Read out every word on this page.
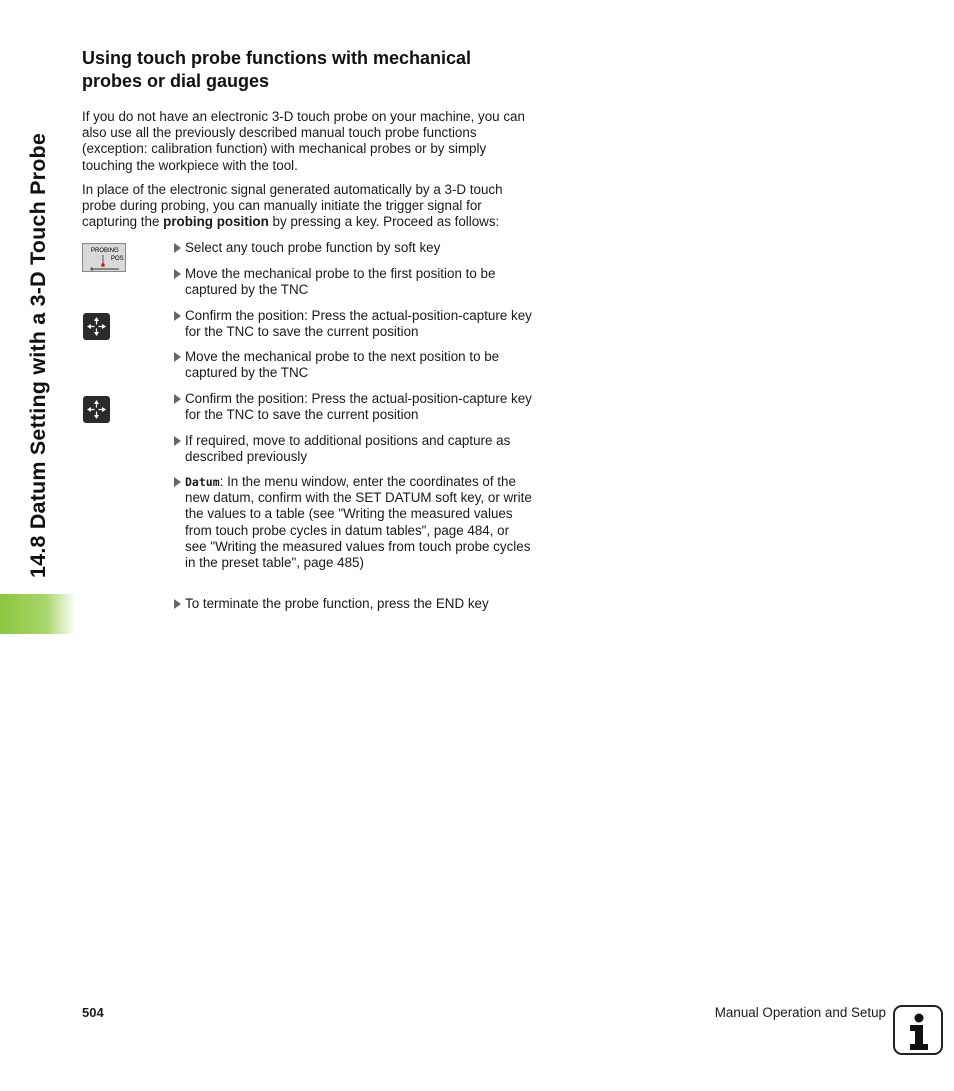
14.8 Datum Setting with a 3-D Touch Probe
Using touch probe functions with mechanical probes or dial gauges

If you do not have an electronic 3-D touch probe on your machine, you can also use all the previously described manual touch probe functions (exception: calibration function) with mechanical probes or by simply touching the workpiece with the tool.

In place of the electronic signal generated automatically by a 3-D touch probe during probing, you can manually initiate the trigger signal for capturing the probing position by pressing a key. Proceed as follows:

PROBING
POS
Select any touch probe function by soft key
Move the mechanical probe to the first position to be captured by the TNC
Confirm the position: Press the actual-position-capture key for the TNC to save the current position
Move the mechanical probe to the next position to be captured by the TNC
Confirm the position: Press the actual-position-capture key for the TNC to save the current position
If required, move to additional positions and capture as described previously
Datum: In the menu window, enter the coordinates of the new datum, confirm with the SET DATUM soft key, or write the values to a table (see "Writing the measured values from touch probe cycles in datum tables", page 484, or see "Writing the measured values from touch probe cycles in the preset table", page 485)
To terminate the probe function, press the END key
504	Manual Operation and Setup
